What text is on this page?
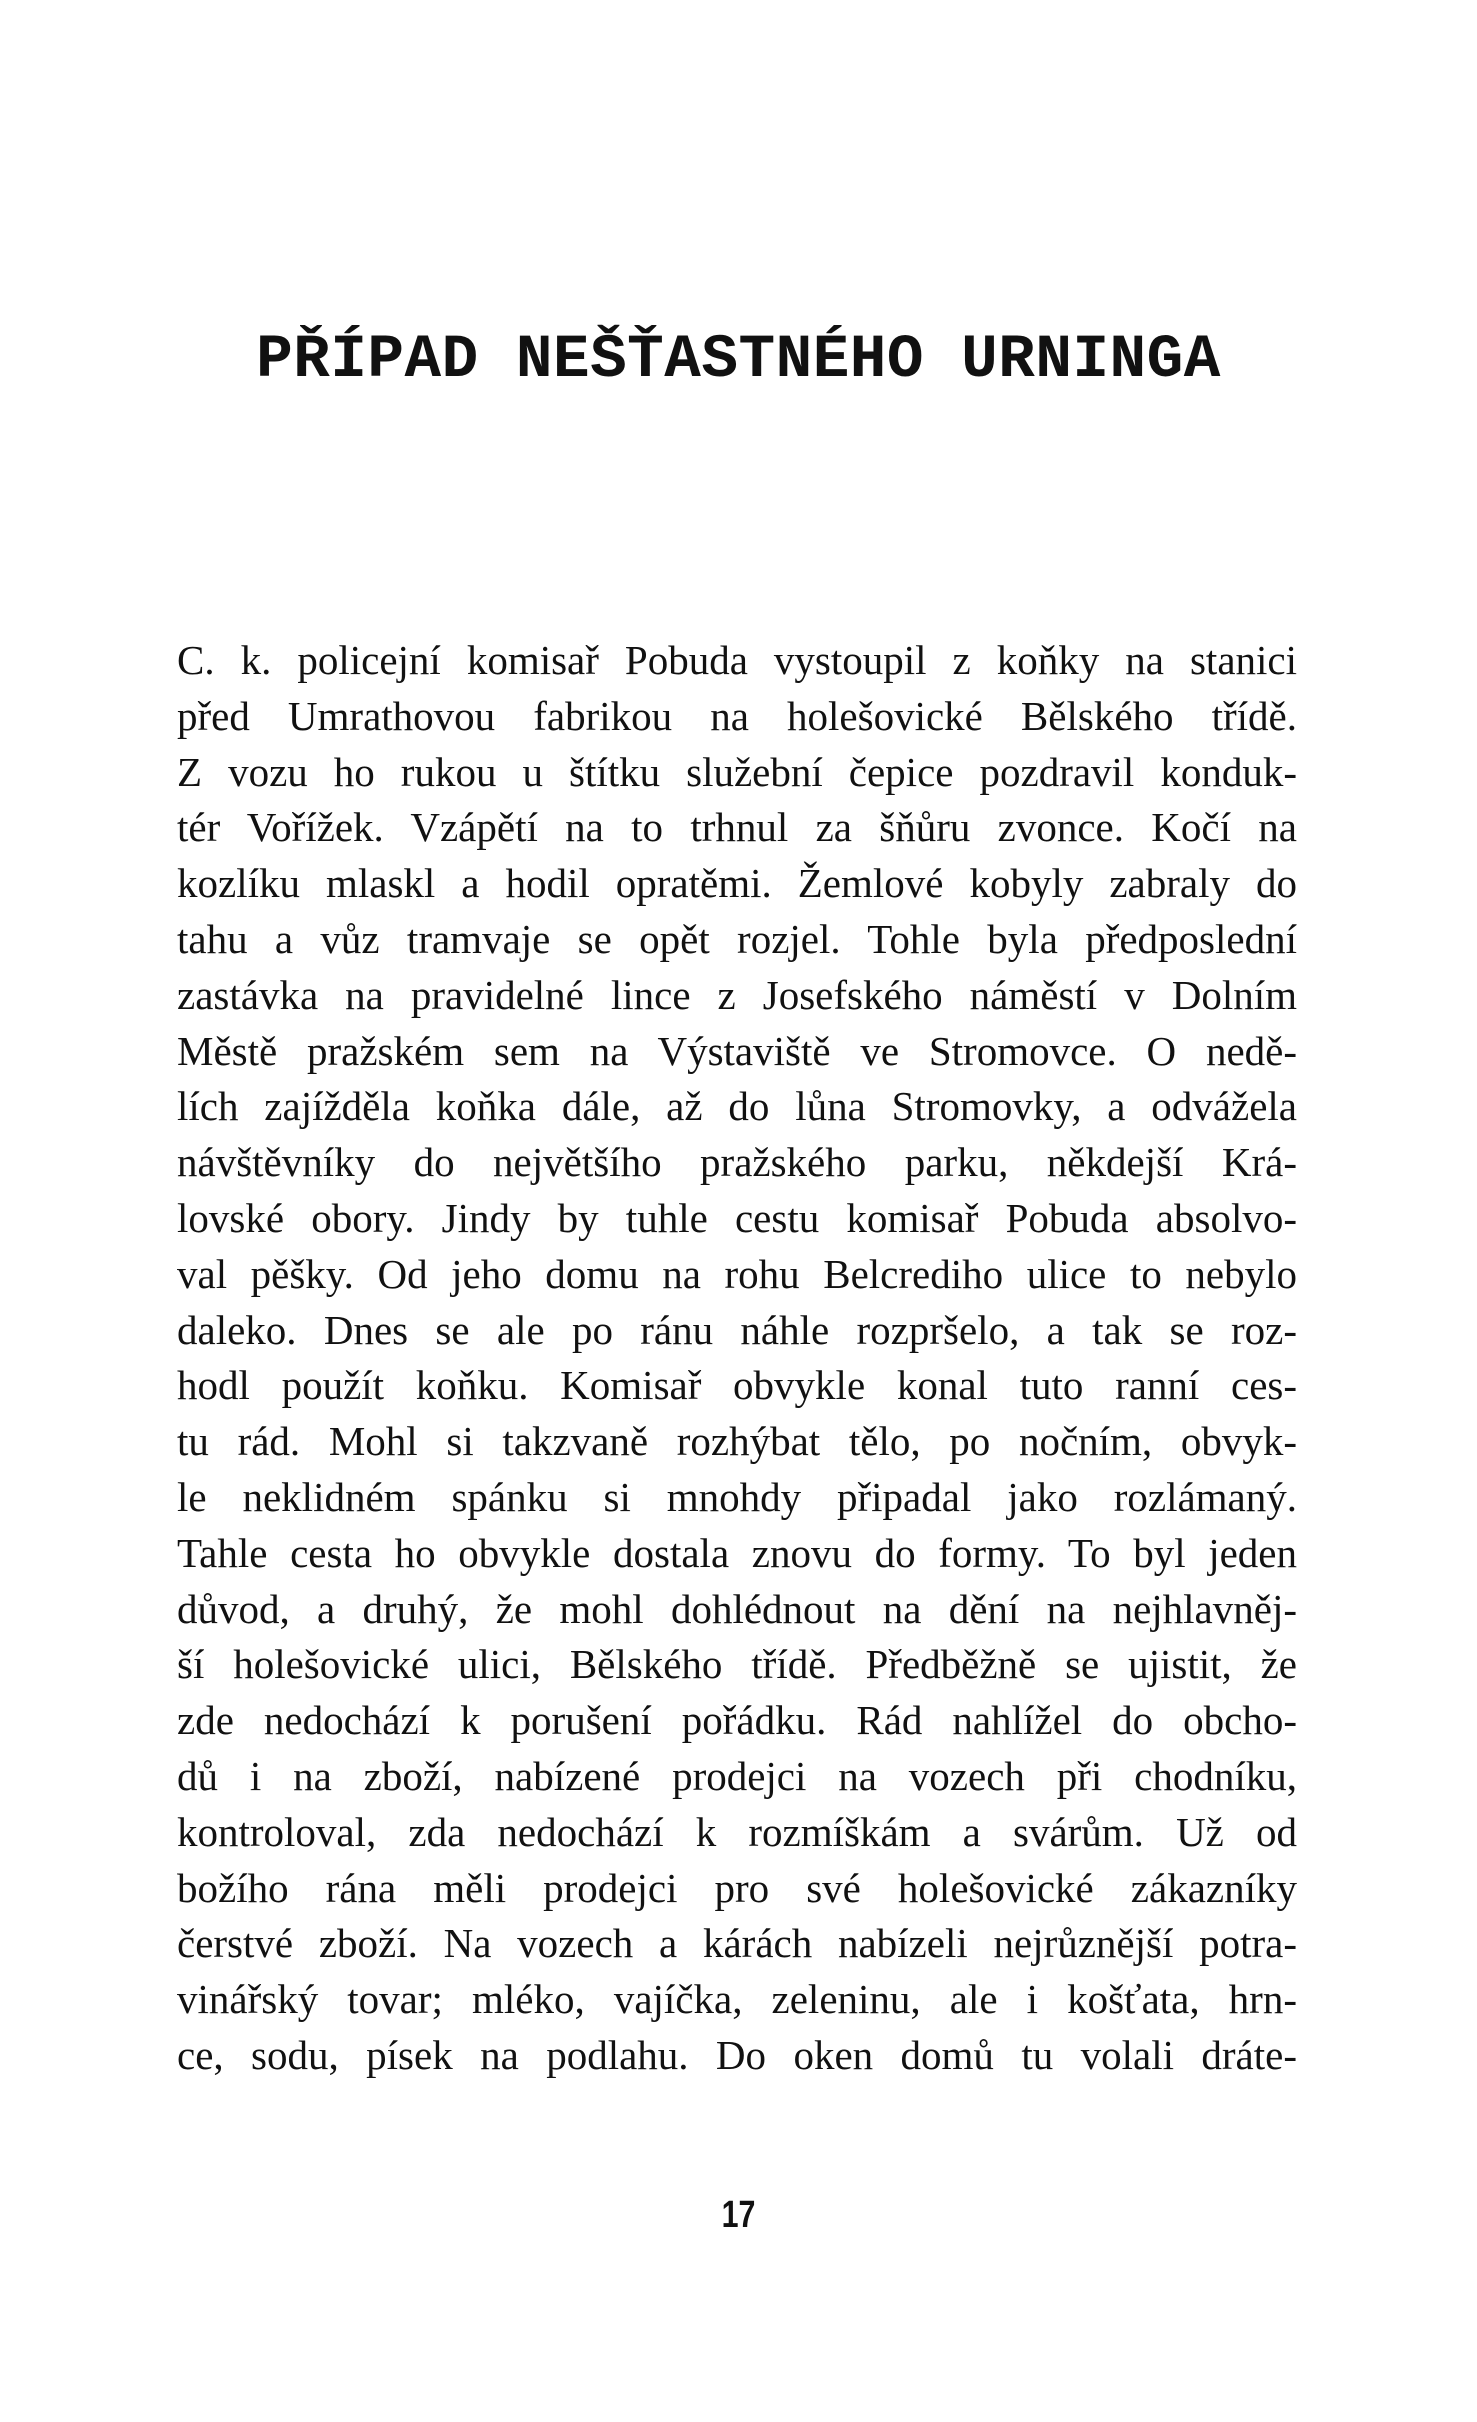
PŘÍPAD NEŠŤASTNÉHO URNINGA
C. k. policejní komisař Pobuda vystoupil z koňky na stanici
před Umrathovou fabrikou na holešovické Bělského třídě.
Z vozu ho rukou u štítku služební čepice pozdravil konduk-
tér Vořížek. Vzápětí na to trhnul za šňůru zvonce. Kočí na
kozlíku mlaskl a hodil opratěmi. Žemlové kobyly zabraly do
tahu a vůz tramvaje se opět rozjel. Tohle byla předposlední
zastávka na pravidelné lince z Josefského náměstí v Dolním
Městě pražském sem na Výstaviště ve Stromovce. O nedě-
lích zajížděla koňka dále, až do lůna Stromovky, a odvážela
návštěvníky do největšího pražského parku, někdejší Krá-
lovské obory. Jindy by tuhle cestu komisař Pobuda absolvo-
val pěšky. Od jeho domu na rohu Belcrediho ulice to nebylo
daleko. Dnes se ale po ránu náhle rozpršelo, a tak se roz-
hodl použít koňku. Komisař obvykle konal tuto ranní ces-
tu rád. Mohl si takzvaně rozhýbat tělo, po nočním, obvyk-
le neklidném spánku si mnohdy připadal jako rozlámaný.
Tahle cesta ho obvykle dostala znovu do formy. To byl jeden
důvod, a druhý, že mohl dohlédnout na dění na nejhlavněj-
ší holešovické ulici, Bělského třídě. Předběžně se ujistit, že
zde nedochází k porušení pořádku. Rád nahlížel do obcho-
dů i na zboží, nabízené prodejci na vozech při chodníku,
kontroloval, zda nedochází k rozmíškám a svárům. Už od
božího rána měli prodejci pro své holešovické zákazníky
čerstvé zboží. Na vozech a kárách nabízeli nejrůznější potra-
vinářský tovar; mléko, vajíčka, zeleninu, ale i košťata, hrn-
ce, sodu, písek na podlahu. Do oken domů tu volali dráte-
17
